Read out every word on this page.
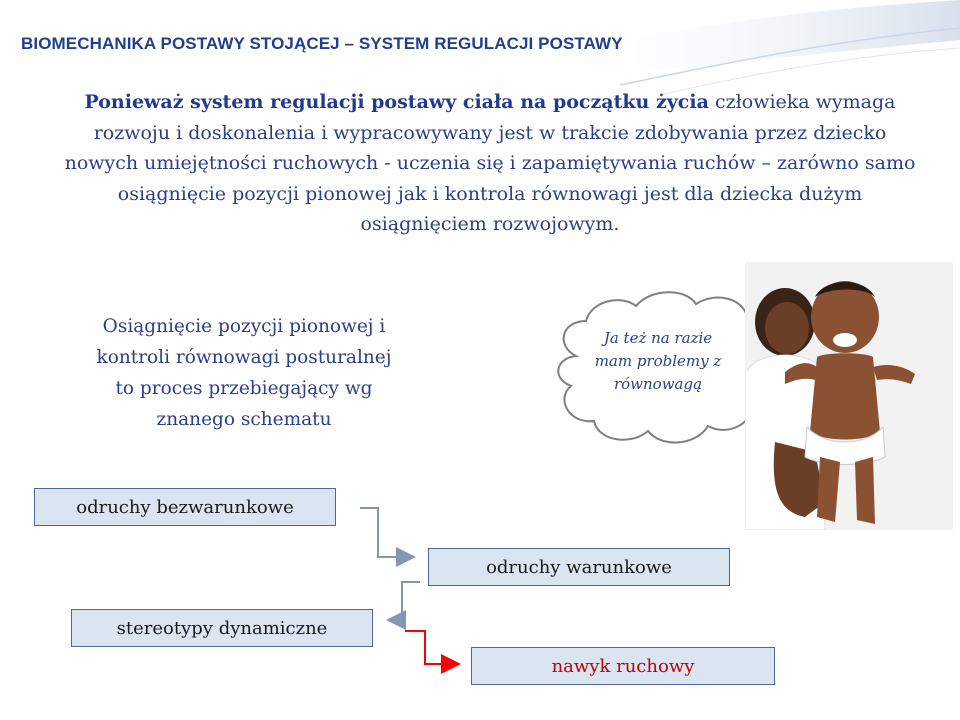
BIOMECHANIKA POSTAWY STOJĄCEJ – SYSTEM REGULACJI POSTAWY
Ponieważ system regulacji postawy ciała na początku życia człowieka wymaga rozwoju i doskonalenia i wypracowywany jest w trakcie zdobywania przez dziecko nowych umiejętności ruchowych - uczenia się i zapamiętywania ruchów – zarówno samo osiągnięcie pozycji pionowej jak i kontrola równowagi jest dla dziecka dużym osiągnięciem rozwojowym.
Osiągnięcie pozycji pionowej i kontroli równowagi posturalnej to proces przebiegający wg znanego schematu
Ja też na razie mam problemy z równowagą
odruchy bezwarunkowe
odruchy warunkowe
stereotypy dynamiczne
nawyk ruchowy
